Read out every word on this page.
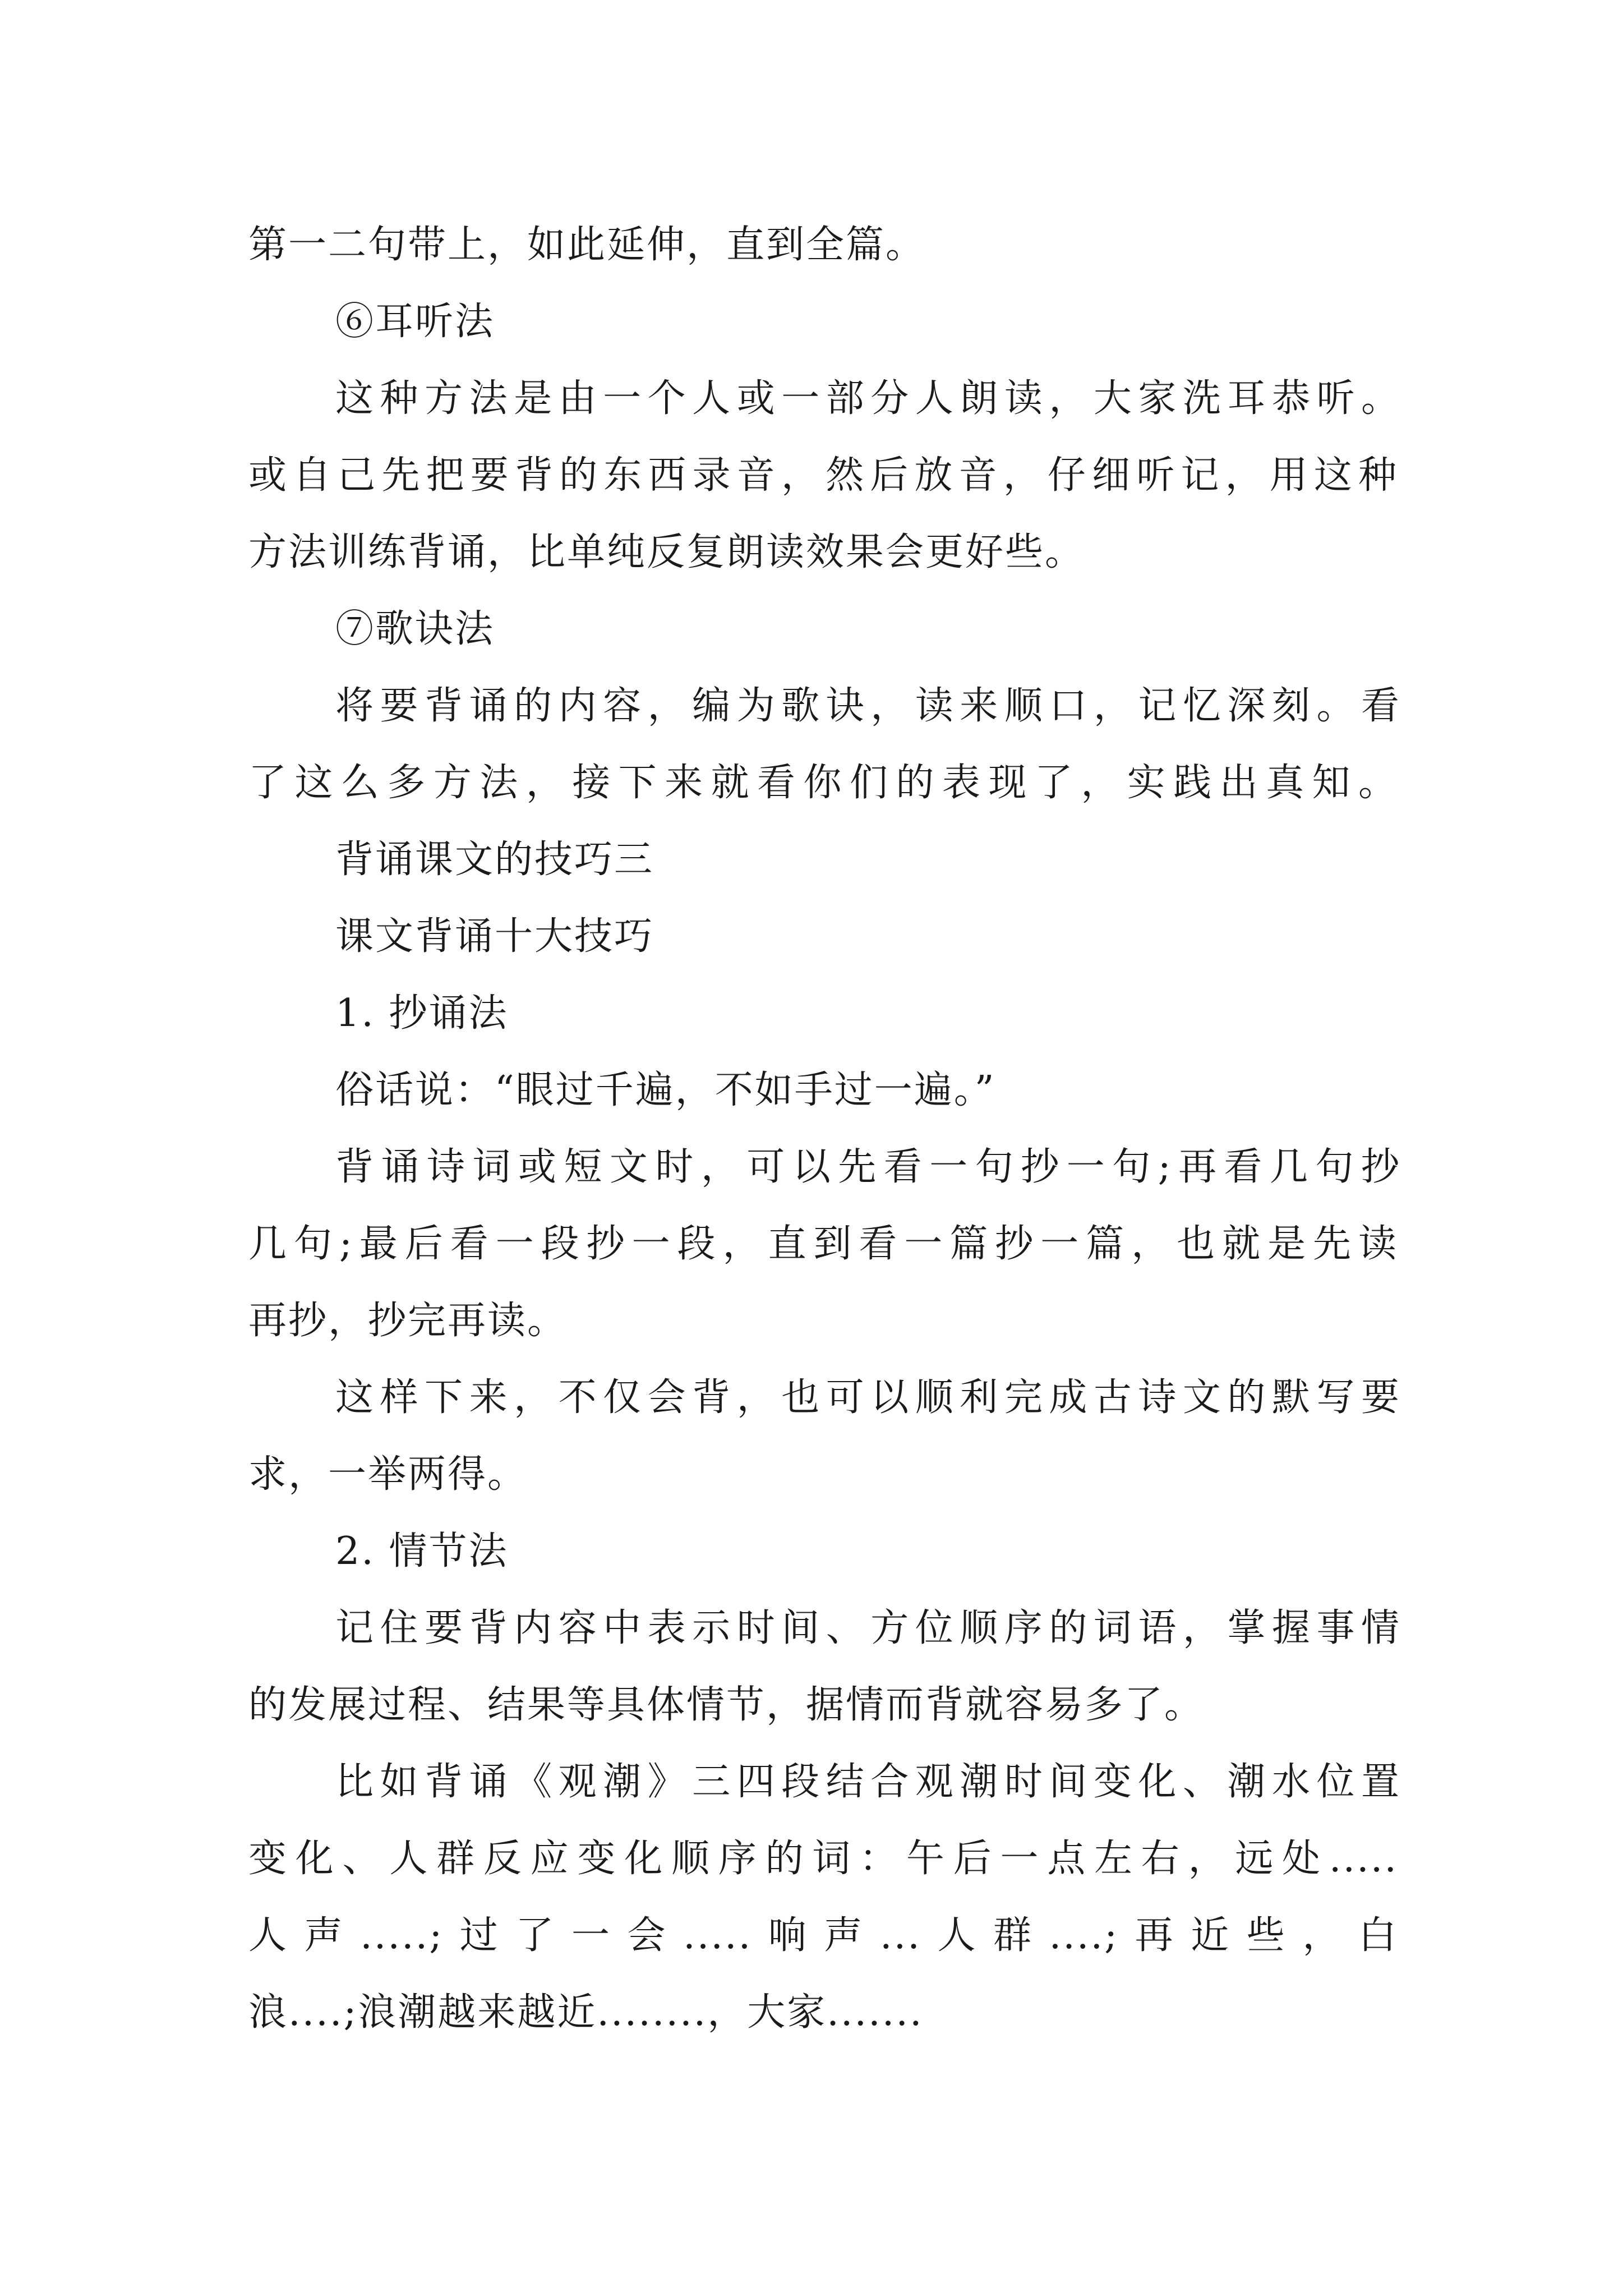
第一二句带上，如此延伸，直到全篇。
⑥耳听法
这种方法是由一个人或一部分人朗读，大家洗耳恭听。
或自己先把要背的东西录音，然后放音，仔细听记，用这种
方法训练背诵，比单纯反复朗读效果会更好些。
⑦歌诀法
将要背诵的内容，编为歌诀，读来顺口，记忆深刻。看
了这么多方法，接下来就看你们的表现了，实践出真知。
背诵课文的技巧三
课文背诵十大技巧
1. 抄诵法
俗话说：“眼过千遍，不如手过一遍。”
背诵诗词或短文时，可以先看一句抄一句;再看几句抄
几句;最后看一段抄一段，直到看一篇抄一篇，也就是先读
再抄，抄完再读。
这样下来，不仅会背，也可以顺利完成古诗文的默写要
求，一举两得。
2. 情节法
记住要背内容中表示时间、方位顺序的词语，掌握事情
的发展过程、结果等具体情节，据情而背就容易多了。
比如背诵《观潮》三四段结合观潮时间变化、潮水位置
变化、人群反应变化顺序的词：午后一点左右，远处.....
人声.....;过了一会.....响声...人群....;再近些，白
浪....;浪潮越来越近........，大家.......
